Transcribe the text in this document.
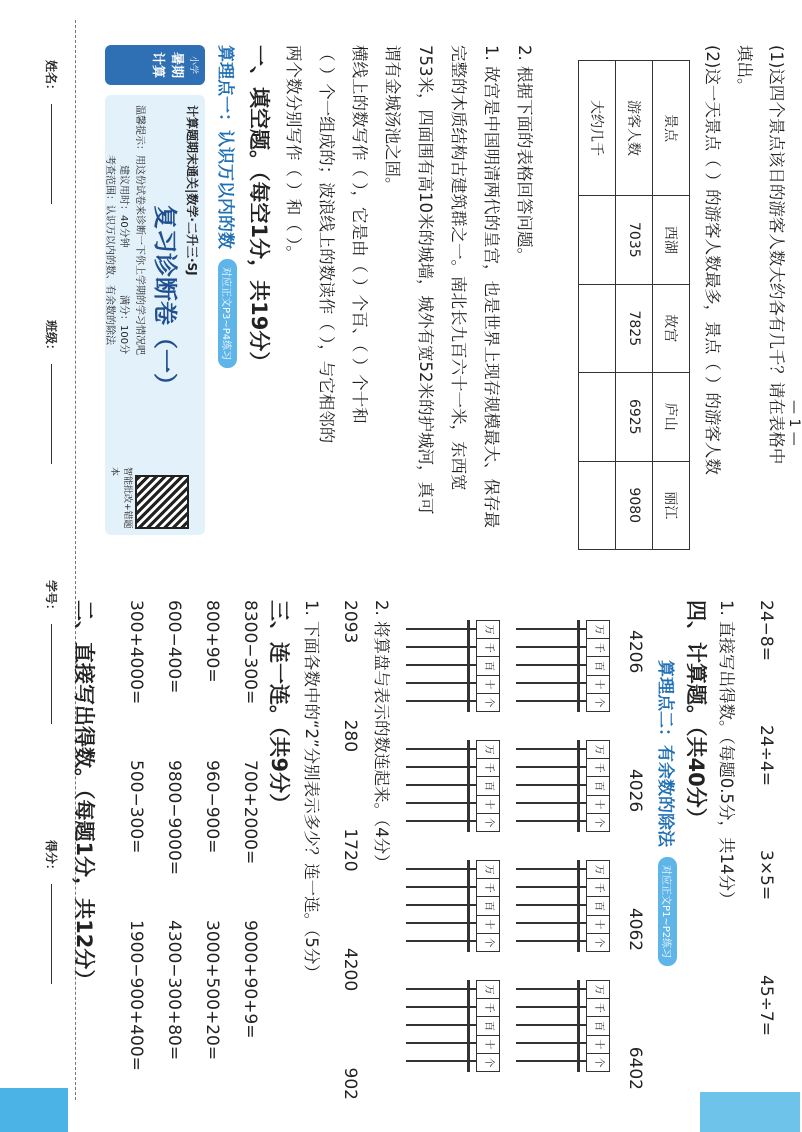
姓名：
班级：
学号：
得分：
小学
暑期
计算
计算题期末通关|数学·二升三·SJ
复习诊断卷（一）
温馨提示：用这份试卷来诊断一下你上学期的学习情况吧
建议用时：40分钟
满分：100分
考查范围：认识万以内的数、有余数的除法
智能批改+错题本
算理点一：认识万以内的数
对应正文P3~P4练习 一、填空题。（每空1分，共19分）	1. 故宫是中国明清两代的皇宫，也是世界上现存规模最大、保存最
完整的木质结构古建筑群之一。南北长九百六十一米，东西宽
753米，四面围有高10米的城墙，城外有宽52米的护城河，真可
谓有金城汤池之固。
横线上的数写作（ ），它是由（ ）个百、（ ）个十和
（ ）个一组成的；波浪线上的数读作（ ），与它相邻的
两个数分别写作（ ）和（ ）。	2. 根据下面的表格回答问题。	景点	西湖	故宫	庐山	丽江
游客人数	7035	7825	6925	9080
大约几千					(1)这四个景点该日的游客人数大约各有几千？请在表格中
填出。
(2)这一天景点（ ）的游客人数最多，景点（ ）的游客人数	— 1 —
二、直接写出得数。（每题1分，共12分）	8300−300=
700+2000=
9000+90+9=
800+90=
960−900=
3000+500+20=
600−400=
9800−9000=
4300−300+80=
300+4000=
500−300=
1900−900+400=
三、连一连。（共9分） 1. 下面各数中的“2”分别表示多少？连一连。（5分） 2093
280
1720
4200
902
2. 将算盘与表示的数连起来。（4分）	万
千
百
十
个
万
千
百
十
个
万
千
百
十
个
万
千
百
十
个
万
千
百
十
个
万
千
百
十
个
万
千
百
十
个
万
千
百
十
个
4206
4026
4062
6402
算理点二：有余数的除法
对应正文P1~P2练习
四、计算题。（共40分） 1. 直接写出得数。（每题0.5分，共14分）	24−8=
24÷4=
3×5=
45÷7=
